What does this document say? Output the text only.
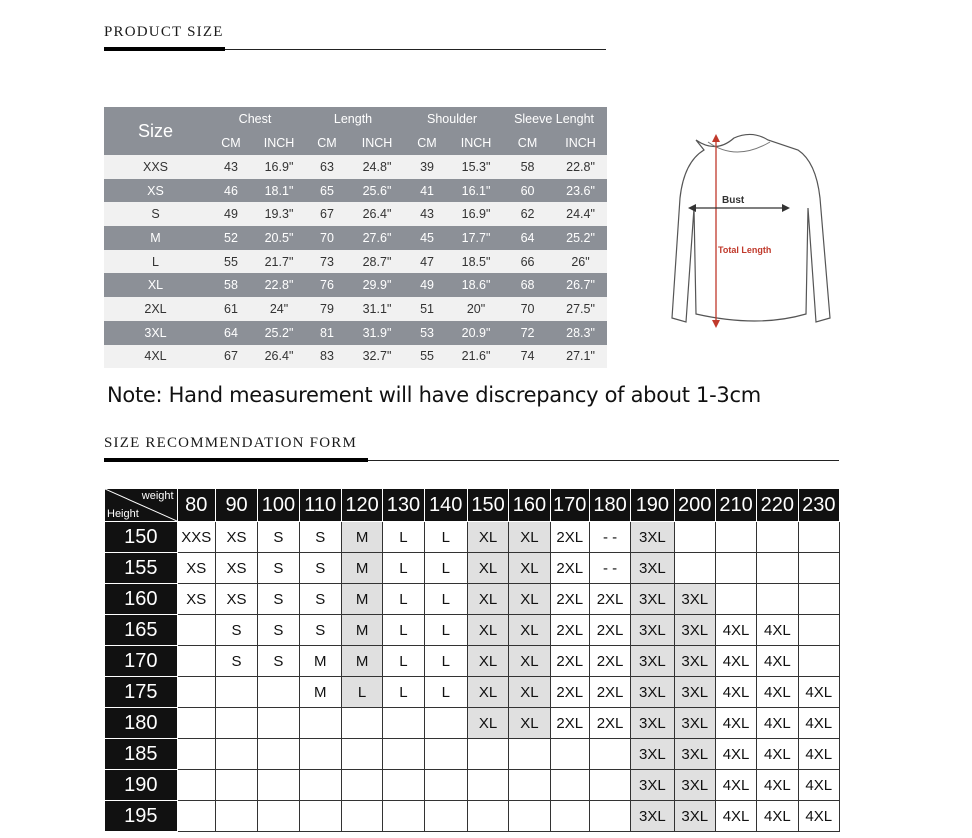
PRODUCT SIZE
Size	Chest		Length		Shoulder		Sleeve Lenght	
	CM	INCH	CM	INCH	CM	INCH	CM	INCH
XXS	43	16.9"	63	24.8"	39	15.3"	58	22.8"
XS	46	18.1"	65	25.6"	41	16.1"	60	23.6"
S	49	19.3"	67	26.4"	43	16.9"	62	24.4"
M	52	20.5"	70	27.6"	45	17.7"	64	25.2"
L	55	21.7"	73	28.7"	47	18.5"	66	26"
XL	58	22.8"	76	29.9"	49	18.6"	68	26.7"
2XL	61	24"	79	31.1"	51	20"	70	27.5"
3XL	64	25.2"	81	31.9"	53	20.9"	72	28.3"
4XL	67	26.4"	83	32.7"	55	21.6"	74	27.1"
Bust
Total Length
Note: Hand measurement will have discrepancy of about 1-3cm
SIZE RECOMMENDATION FORM
weight
Height	80	90	100	110	120	130	140	150	160	170	180	190	200	210	220	230
150	XXS	XS	S	S	M	L	L	XL	XL	2XL	- -	3XL				
155	XS	XS	S	S	M	L	L	XL	XL	2XL	- -	3XL				
160	XS	XS	S	S	M	L	L	XL	XL	2XL	2XL	3XL	3XL			
165		S	S	S	M	L	L	XL	XL	2XL	2XL	3XL	3XL	4XL	4XL	
170		S	S	M	M	L	L	XL	XL	2XL	2XL	3XL	3XL	4XL	4XL	
175				M	L	L	L	XL	XL	2XL	2XL	3XL	3XL	4XL	4XL	4XL
180								XL	XL	2XL	2XL	3XL	3XL	4XL	4XL	4XL
185												3XL	3XL	4XL	4XL	4XL
190												3XL	3XL	4XL	4XL	4XL
195												3XL	3XL	4XL	4XL	4XL
